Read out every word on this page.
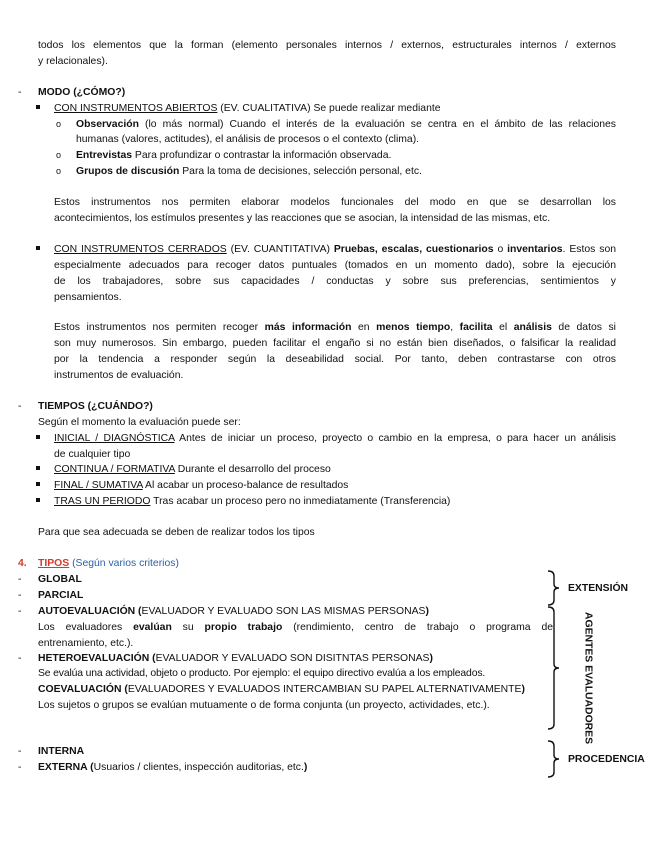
todos los elementos que la forman (elemento personales internos / externos, estructurales internos / externos
y relacionales).
- MODO (¿CÓMO?)
CON INSTRUMENTOS ABIERTOS (EV. CUALITATIVA) Se puede realizar mediante
o Observación (lo más normal) Cuando el interés de la evaluación se centra en el ámbito de las relaciones
humanas (valores, actitudes), el análisis de procesos o el contexto (clima).
o Entrevistas Para profundizar o contrastar la información observada.
o Grupos de discusión Para la toma de decisiones, selección personal, etc.
Estos instrumentos nos permiten elaborar modelos funcionales del modo en que se desarrollan los
acontecimientos, los estímulos presentes y las reacciones que se asocian, la intensidad de las mismas, etc.
CON INSTRUMENTOS CERRADOS (EV. CUANTITATIVA) Pruebas, escalas, cuestionarios o inventarios. Estos son
especialmente adecuados para recoger datos puntuales (tomados en un momento dado), sobre la ejecución
de los trabajadores, sobre sus capacidades / conductas y sobre sus preferencias, sentimientos y
pensamientos.
Estos instrumentos nos permiten recoger más información en menos tiempo, facilita el análisis de datos si
son muy numerosos. Sin embargo, pueden facilitar el engaño si no están bien diseñados, o falsificar la realidad
por la tendencia a responder según la deseabilidad social. Por tanto, deben contrastarse con otros
instrumentos de evaluación.
- TIEMPOS (¿CUÁNDO?)
Según el momento la evaluación puede ser:
INICIAL / DIAGNÓSTICA Antes de iniciar un proceso, proyecto o cambio en la empresa, o para hacer un análisis
de cualquier tipo
CONTINUA / FORMATIVA Durante el desarrollo del proceso
FINAL / SUMATIVA Al acabar un proceso-balance de resultados
TRAS UN PERIODO Tras acabar un proceso pero no inmediatamente (Transferencia)
Para que sea adecuada se deben de realizar todos los tipos
4. TIPOS (Según varios criterios)
- GLOBAL
- PARCIAL
- AUTOEVALUACIÓN (EVALUADOR Y EVALUADO SON LAS MISMAS PERSONAS)
Los evaluadores evalúan su propio trabajo (rendimiento, centro de trabajo o programa de
entrenamiento, etc.).
- HETEROEVALUACIÓN (EVALUADOR Y EVALUADO SON DISITNTAS PERSONAS)
Se evalúa una actividad, objeto o producto. Por ejemplo: el equipo directivo evalúa a los empleados.
COEVALUACIÓN (EVALUADORES Y EVALUADOS INTERCAMBIAN SU PAPEL ALTERNATIVAMENTE)
Los sujetos o grupos se evalúan mutuamente o de forma conjunta (un proyecto, actividades, etc.).
- INTERNA
- EXTERNA (Usuarios / clientes, inspección auditorias, etc.)
EXTENSIÓN
AGENTES EVALUADORES
PROCEDENCIA
